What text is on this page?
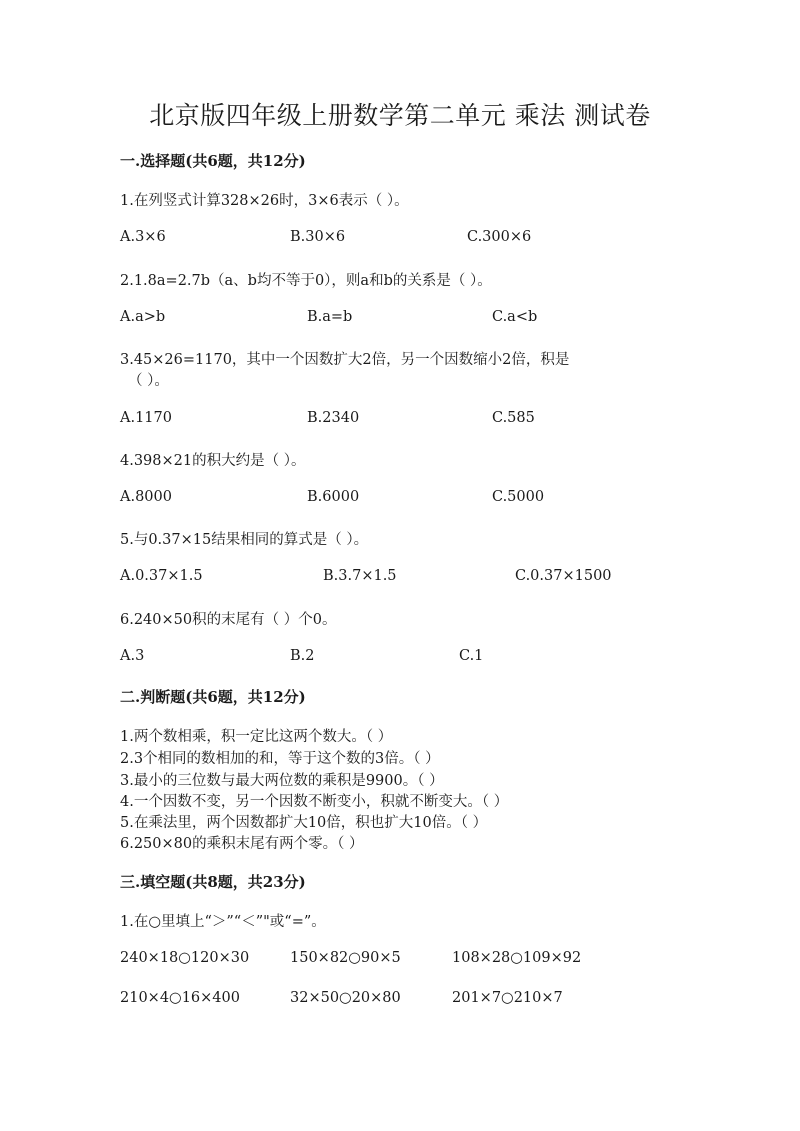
北京版四年级上册数学第二单元 乘法 测试卷
一.选择题(共6题，共12分)
1.在列竖式计算328×26时，3×6表示（ ）。
A.3×6	B.30×6	C.300×6
2.1.8a=2.7b（a、b均不等于0），则a和b的关系是（ ）。
A.a>b	B.a=b	C.a<b
3.45×26=1170，其中一个因数扩大2倍，另一个因数缩小2倍，积是
（ ）。
A.1170	B.2340	C.585
4.398×21的积大约是（ ）。
A.8000	B.6000	C.5000
5.与0.37×15结果相同的算式是（ ）。
A.0.37×1.5	B.3.7×1.5	C.0.37×1500
6.240×50积的末尾有（ ）个0。
A.3	B.2	C.1
二.判断题(共6题，共12分)
1.两个数相乘，积一定比这两个数大。（ ）
2.3个相同的数相加的和，等于这个数的3倍。（ ）
3.最小的三位数与最大两位数的乘积是9900。（ ）
4.一个因数不变，另一个因数不断变小，积就不断变大。（ ）
5.在乘法里，两个因数都扩大10倍，积也扩大10倍。（ ）
6.250×80的乘积末尾有两个零。（ ）
三.填空题(共8题，共23分)
1.在○里填上“＞”“＜”"或“=”。
240×18○120×30	150×82○90×5	108×28○109×92
210×4○16×400	32×50○20×80	201×7○210×7
